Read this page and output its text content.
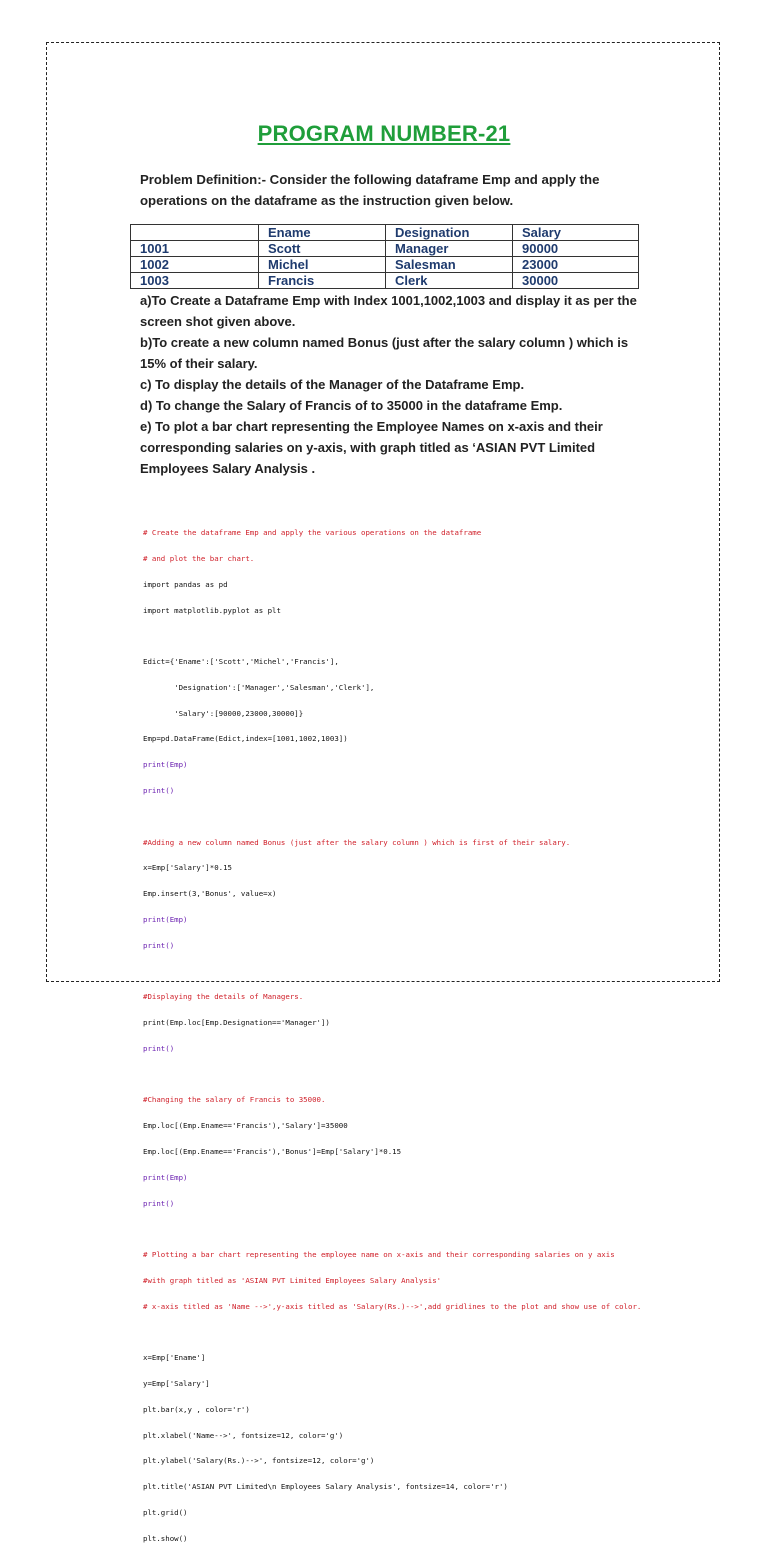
PROGRAM NUMBER-21
Problem Definition:- Consider the following dataframe Emp and apply the operations on the dataframe as the instruction given below.
	Ename	Designation	Salary
1001	Scott	Manager	90000
1002	Michel	Salesman	23000
1003	Francis	Clerk	30000

a)To Create a Dataframe Emp with Index 1001,1002,1003 and display it as per the screen shot given above.

b)To create a new column named Bonus (just after the salary column ) which is 15% of their salary.

c) To display the details of the Manager of the Dataframe Emp.

d) To change the Salary of Francis of to 35000 in the dataframe Emp.

e) To plot a bar chart representing the Employee Names on x-axis and their corresponding salaries on y-axis, with graph titled as ‘ASIAN PVT Limited Employees Salary Analysis .

# Create the dataframe Emp and apply the various operations on the dataframe

# and plot the bar chart.

import pandas as pd

import matplotlib.pyplot as plt

Edict={'Ename':['Scott','Michel','Francis'],

'Designation':['Manager','Salesman','Clerk'],

'Salary':[90000,23000,30000]}

Emp=pd.DataFrame(Edict,index=[1001,1002,1003])

print(Emp)

print()

#Adding a new column named Bonus (just after the salary column ) which is first of their salary.

x=Emp['Salary']*0.15

Emp.insert(3,'Bonus', value=x)

print(Emp)

print()

#Displaying the details of Managers.

print(Emp.loc[Emp.Designation=='Manager'])

print()

#Changing the salary of Francis to 35000.

Emp.loc[(Emp.Ename=='Francis'),'Salary']=35000

Emp.loc[(Emp.Ename=='Francis'),'Bonus']=Emp['Salary']*0.15

print(Emp)

print()

# Plotting a bar chart representing the employee name on x-axis and their corresponding salaries on y axis

#with graph titled as 'ASIAN PVT Limited Employees Salary Analysis'

# x-axis titled as 'Name -->',y-axis titled as 'Salary(Rs.)-->',add gridlines to the plot and show use of color.

x=Emp['Ename']

y=Emp['Salary']

plt.bar(x,y , color='r')

plt.xlabel('Name-->', fontsize=12, color='g')

plt.ylabel('Salary(Rs.)-->', fontsize=12, color='g')

plt.title('ASIAN PVT Limited\n Employees Salary Analysis', fontsize=14, color='r')

plt.grid()

plt.show()
